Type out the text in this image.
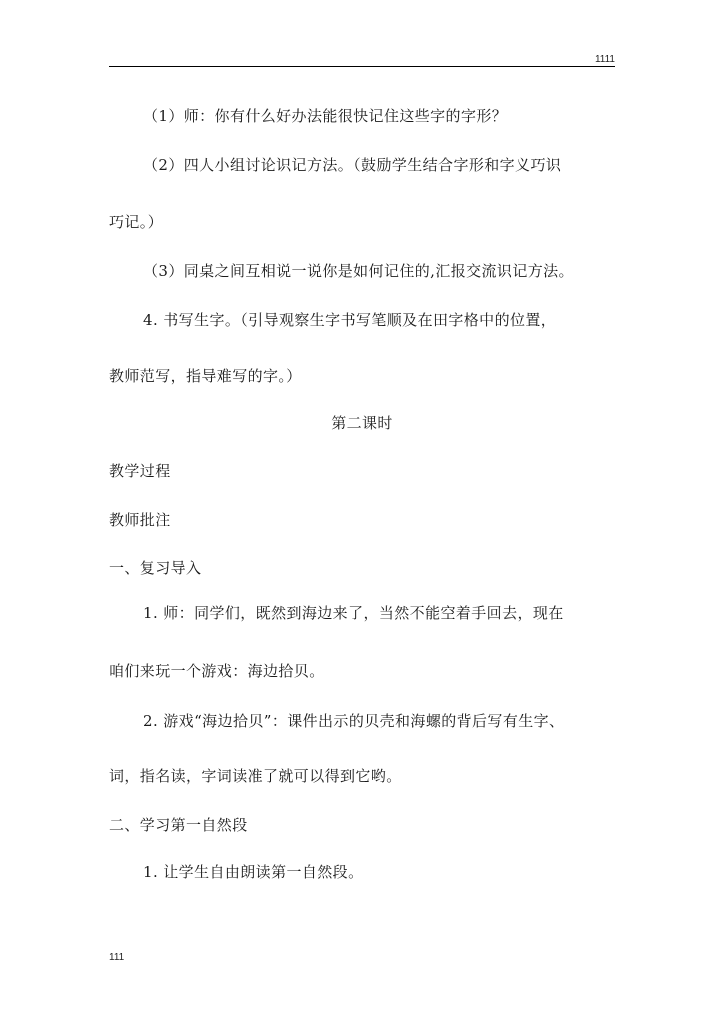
1111
（1）师：你有什么好办法能很快记住这些字的字形？
（2）四人小组讨论识记方法。（鼓励学生结合字形和字义巧识
巧记。）
（3）同桌之间互相说一说你是如何记住的,汇报交流识记方法。
4. 书写生字。（引导观察生字书写笔顺及在田字格中的位置，
教师范写，指导难写的字。）
第二课时
教学过程
教师批注
一、复习导入
1. 师：同学们，既然到海边来了，当然不能空着手回去，现在
咱们来玩一个游戏：海边拾贝。
2. 游戏“海边拾贝”：课件出示的贝壳和海螺的背后写有生字、
词，指名读，字词读准了就可以得到它哟。
二、学习第一自然段
1. 让学生自由朗读第一自然段。
111
